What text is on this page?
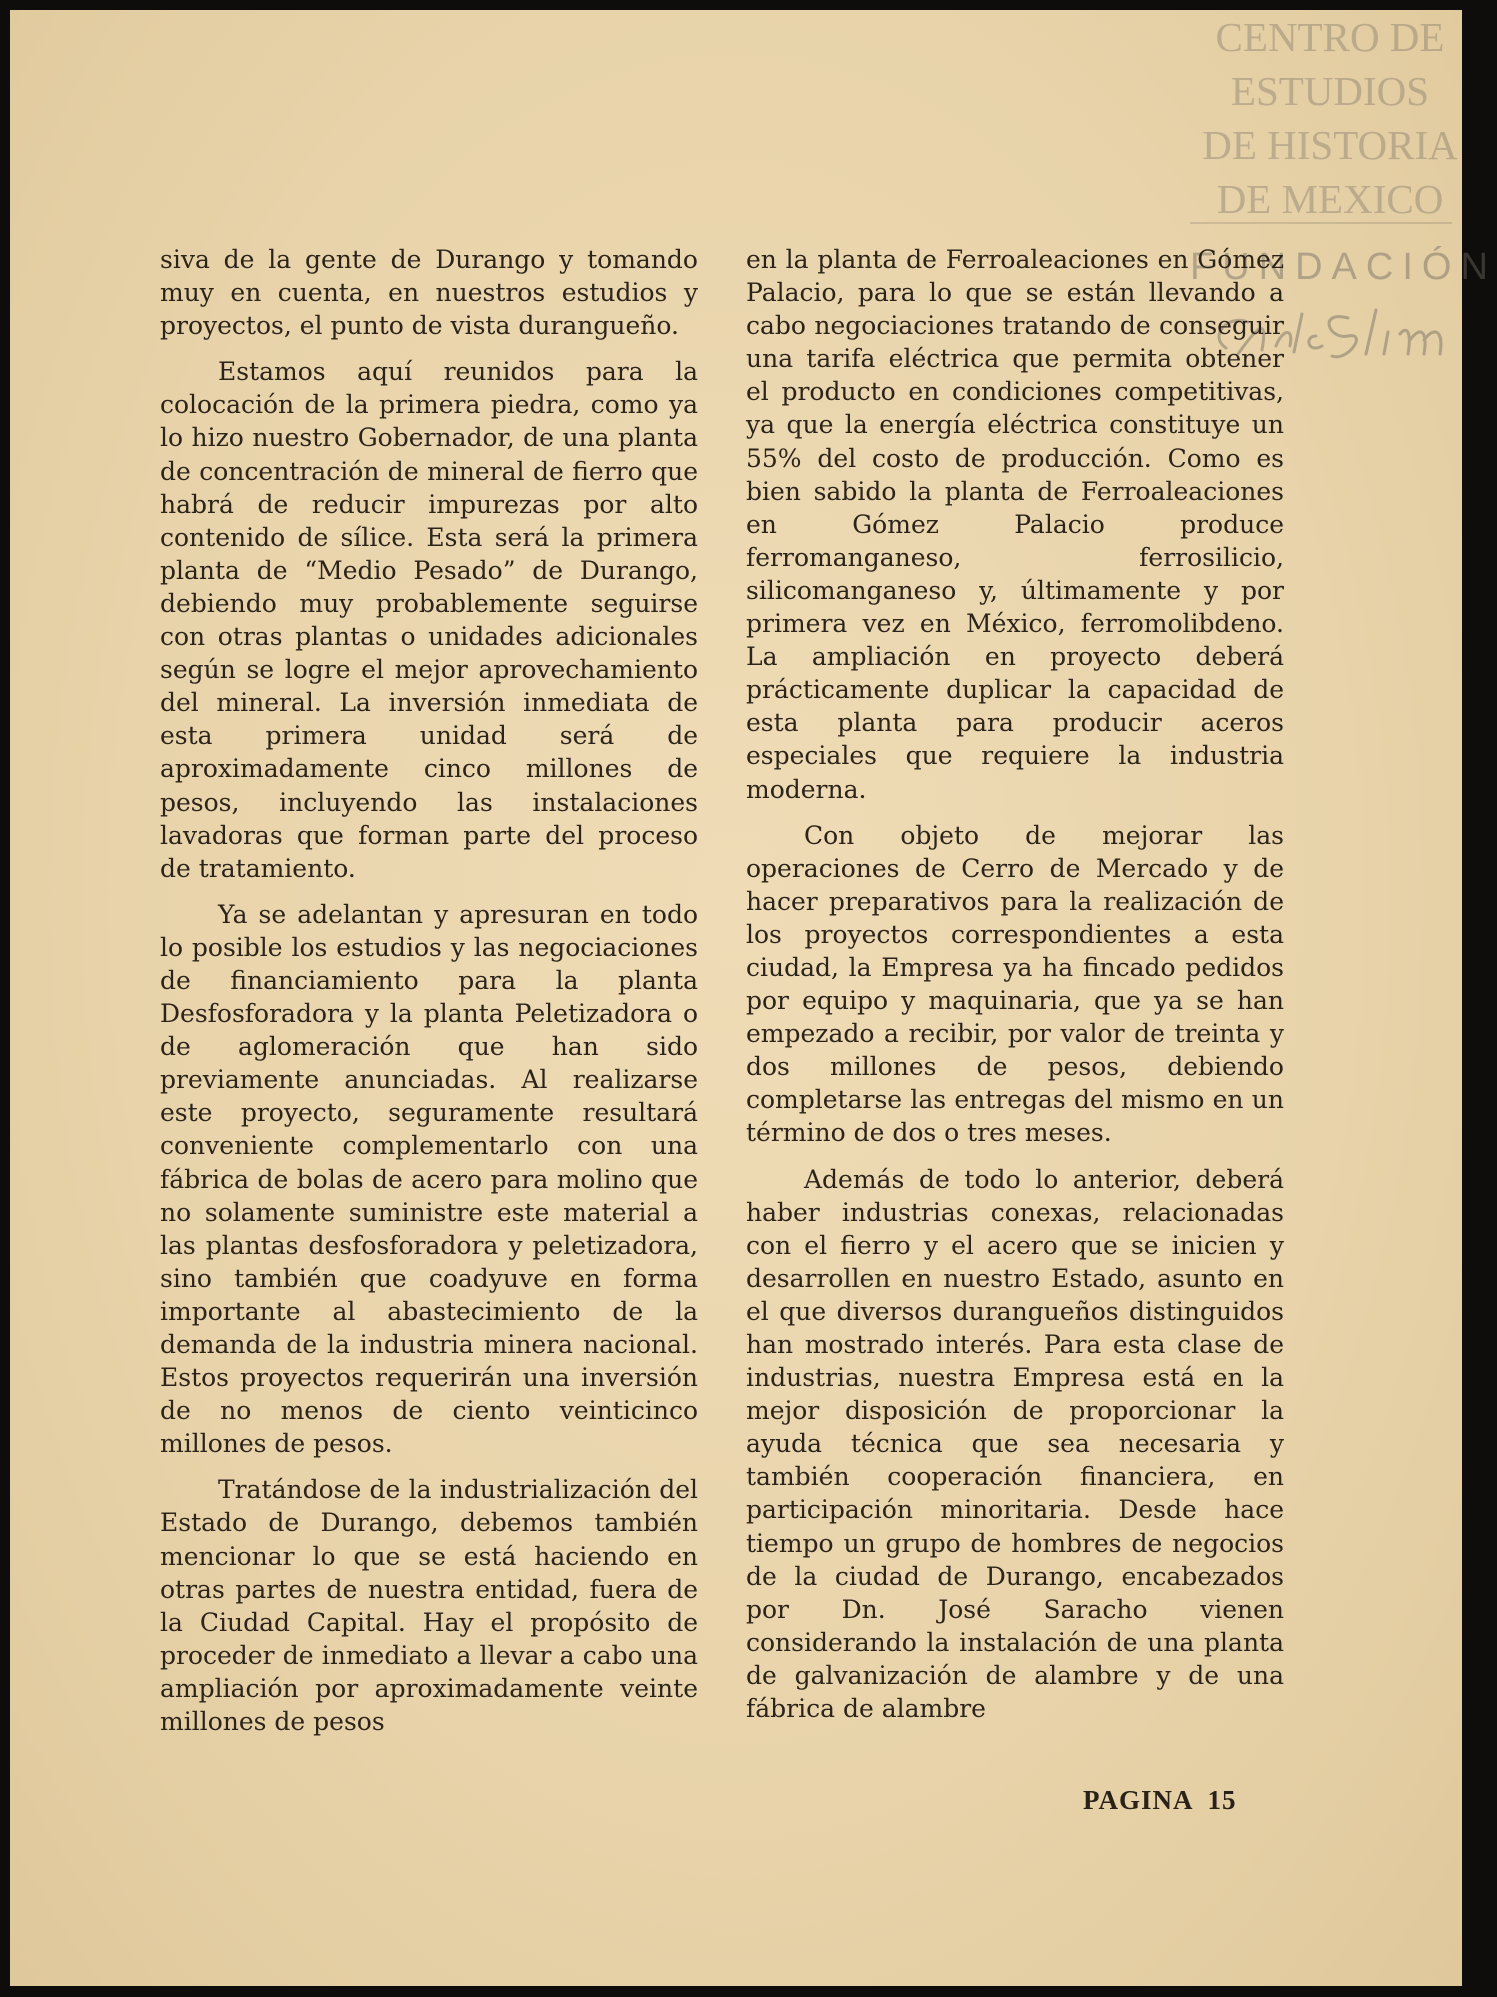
CENTRO DE
ESTUDIOS
DE HISTORIA
DE MEXICO
FUNDACIÓN

siva de la gente de Durango y tomando muy en cuenta, en nuestros estudios y proyectos, el punto de vista duranguеño.

Estamos aquí reunidos para la colocación de la primera piedra, como ya lo hizo nuestro Gobernador, de una planta de concentración de mineral de fierro que habrá de reducir impurezas por alto contenido de sílice. Esta será la primera planta de “Medio Pesado” de Durango, debiendo muy probablemente seguirse con otras plantas o unidades adicionales según se logre el mejor aprovechamiento del mineral. La inversión inmediata de esta primera unidad será de aproximadamente cinco millones de pesos, incluyendo las instalaciones lavadoras que forman parte del proceso de tratamiento.

Ya se adelantan y apresuran en todo lo posible los estudios y las negociaciones de financiamiento para la planta Desfosforadora y la planta Peletizadora o de aglomeración que han sido previamente anunciadas. Al realizarse este proyecto, seguramente resultará conveniente complementarlo con una fábrica de bolas de acero para molino que no solamente suministre este material a las plantas desfosforadora y peletizadora, sino también que coadyuve en forma importante al abastecimiento de la demanda de la industria minera nacional. Estos proyectos requerirán una inversión de no menos de ciento veinticinco millones de pesos.

Tratándose de la industrialización del Estado de Durango, debemos también mencionar lo que se está haciendo en otras partes de nuestra entidad, fuera de la Ciudad Capital. Hay el propósito de proceder de inmediato a llevar a cabo una ampliación por aproximadamente veinte millones de pesos

en la planta de Ferroaleaciones en Gómez Palacio, para lo que se están llevando a cabo negociaciones tratando de conseguir una tarifa eléctrica que permita obtener el producto en condiciones competitivas, ya que la energía eléctrica constituye un 55% del costo de producción. Como es bien sabido la planta de Ferroaleaciones en Gómez Palacio produce ferromanganeso, ferrosilicio, silicomanganeso y, últimamente y por primera vez en México, ferromolibdeno. La ampliación en proyecto deberá prácticamente duplicar la capacidad de esta planta para producir aceros especiales que requiere la industria moderna.

Con objeto de mejorar las operaciones de Cerro de Mercado y de hacer preparativos para la realización de los proyectos correspondientes a esta ciudad, la Empresa ya ha fincado pedidos por equipo y maquinaria, que ya se han empezado a recibir, por valor de treinta y dos millones de pesos, debiendo completarse las entregas del mismo en un término de dos o tres meses.

Además de todo lo anterior, deberá haber industrias conexas, relacionadas con el fierro y el acero que se inicien y desarrollen en nuestro Estado, asunto en el que diversos duranguеños distinguidos han mostrado interés. Para esta clase de industrias, nuestra Empresa está en la mejor disposición de proporcionar la ayuda técnica que sea necesaria y también cooperación financiera, en participación minoritaria. Desde hace tiempo un grupo de hombres de negocios de la ciudad de Durango, encabezados por Dn. José Saracho vienen considerando la instalación de una planta de galvanización de alambre y de una fábrica de alambre

PAGINA 15
